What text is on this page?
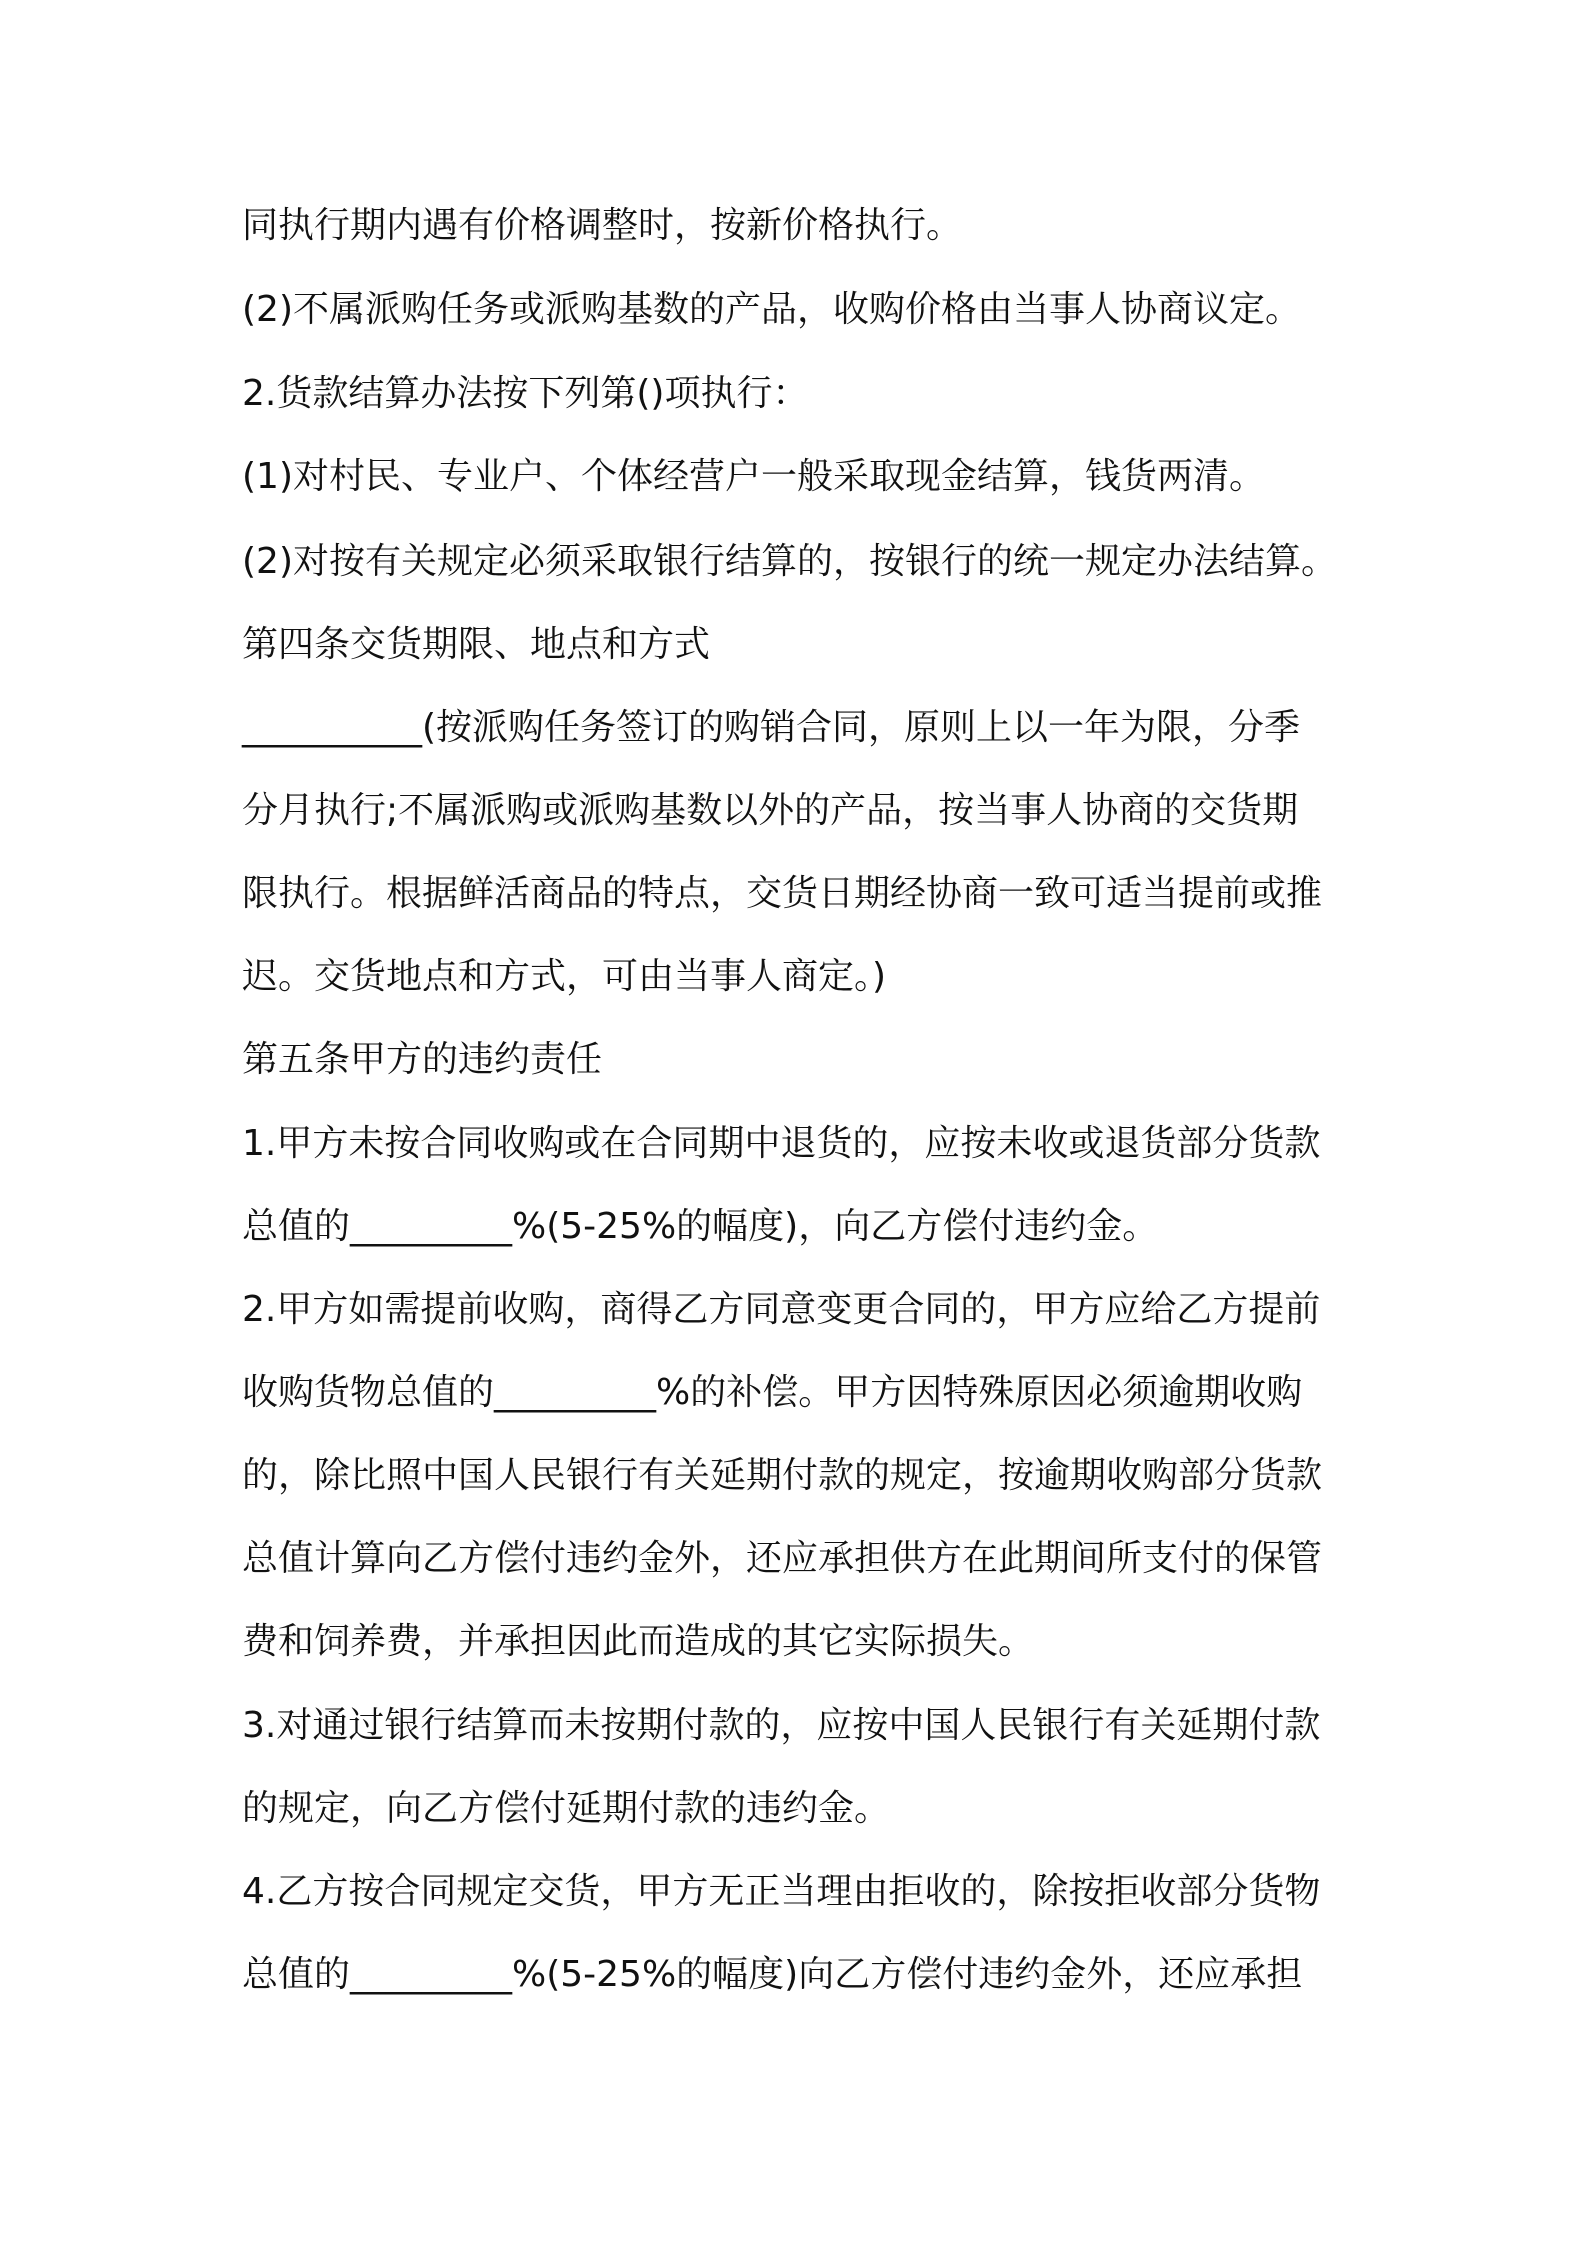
同执行期内遇有价格调整时，按新价格执行。
(2)不属派购任务或派购基数的产品，收购价格由当事人协商议定。
2.货款结算办法按下列第()项执行：
(1)对村民、专业户、个体经营户一般采取现金结算，钱货两清。
(2)对按有关规定必须采取银行结算的，按银行的统一规定办法结算。
第四条交货期限、地点和方式
__________(按派购任务签订的购销合同，原则上以一年为限，分季
分月执行;不属派购或派购基数以外的产品，按当事人协商的交货期
限执行。根据鲜活商品的特点，交货日期经协商一致可适当提前或推
迟。交货地点和方式，可由当事人商定。)
第五条甲方的违约责任
1.甲方未按合同收购或在合同期中退货的，应按未收或退货部分货款
总值的_________%(5-25%的幅度)，向乙方偿付违约金。
2.甲方如需提前收购，商得乙方同意变更合同的，甲方应给乙方提前
收购货物总值的_________%的补偿。甲方因特殊原因必须逾期收购
的，除比照中国人民银行有关延期付款的规定，按逾期收购部分货款
总值计算向乙方偿付违约金外，还应承担供方在此期间所支付的保管
费和饲养费，并承担因此而造成的其它实际损失。
3.对通过银行结算而未按期付款的，应按中国人民银行有关延期付款
的规定，向乙方偿付延期付款的违约金。
4.乙方按合同规定交货，甲方无正当理由拒收的，除按拒收部分货物
总值的_________%(5-25%的幅度)向乙方偿付违约金外，还应承担
